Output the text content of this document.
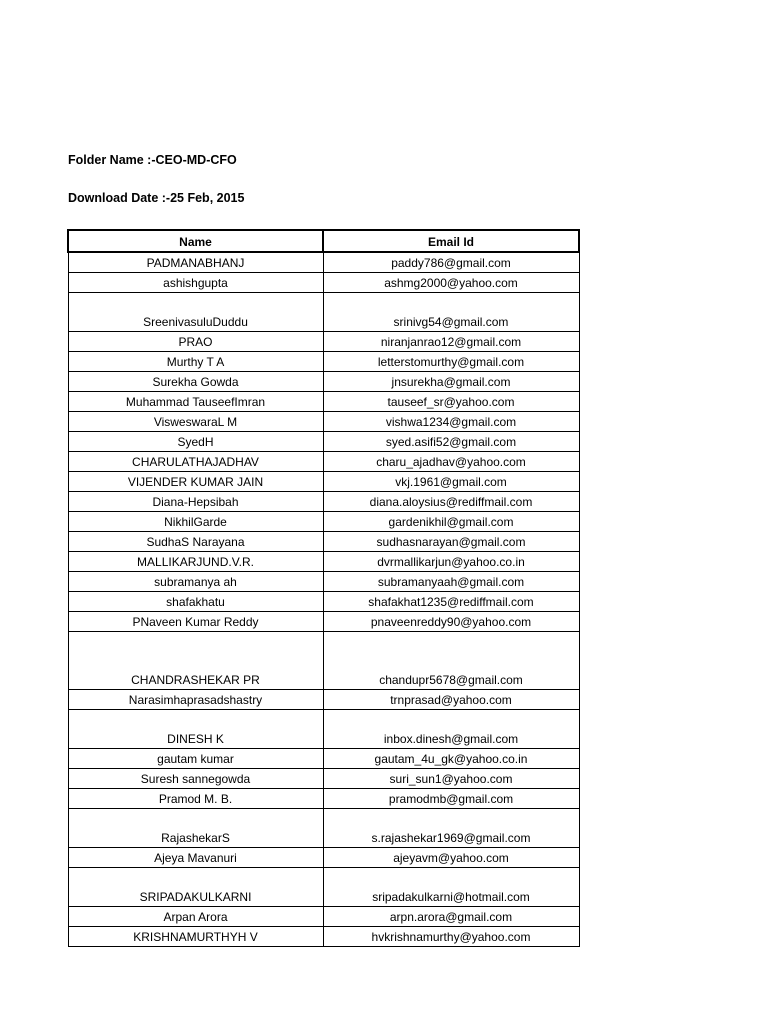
Folder Name :-CEO-MD-CFO
Download Date :-25 Feb, 2015
Name	Email Id
PADMANABHANJ	paddy786@gmail.com
ashishgupta	ashmg2000@yahoo.com
SreenivasuluDuddu	srinivg54@gmail.com
PRAO	niranjanrao12@gmail.com
Murthy T A	letterstomurthy@gmail.com
Surekha Gowda	jnsurekha@gmail.com
Muhammad TauseefImran	tauseef_sr@yahoo.com
VisweswaraL M	vishwa1234@gmail.com
SyedH	syed.asifi52@gmail.com
CHARULATHAJADHAV	charu_ajadhav@yahoo.com
VIJENDER KUMAR JAIN	vkj.1961@gmail.com
Diana-Hepsibah	diana.aloysius@rediffmail.com
NikhilGarde	gardenikhil@gmail.com
SudhaS Narayana	sudhasnarayan@gmail.com
MALLIKARJUND.V.R.	dvrmallikarjun@yahoo.co.in
subramanya ah	subramanyaah@gmail.com
shafakhatu	shafakhat1235@rediffmail.com
PNaveen Kumar Reddy	pnaveenreddy90@yahoo.com
CHANDRASHEKAR PR	chandupr5678@gmail.com
Narasimhaprasadshastry	trnprasad@yahoo.com
DINESH K	inbox.dinesh@gmail.com
gautam kumar	gautam_4u_gk@yahoo.co.in
Suresh sannegowda	suri_sun1@yahoo.com
Pramod M. B.	pramodmb@gmail.com
RajashekarS	s.rajashekar1969@gmail.com
Ajeya Mavanuri	ajeyavm@yahoo.com
SRIPADAKULKARNI	sripadakulkarni@hotmail.com
Arpan Arora	arpn.arora@gmail.com
KRISHNAMURTHYH V	hvkrishnamurthy@yahoo.com
